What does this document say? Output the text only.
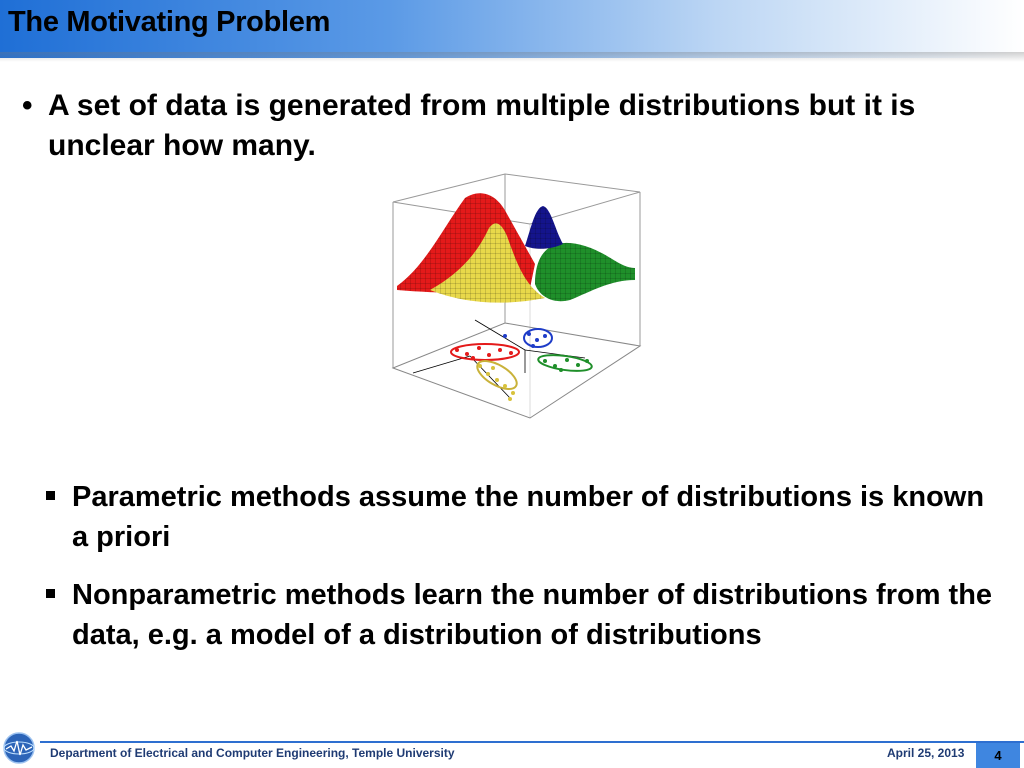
The Motivating Problem
• A set of data is generated from multiple distributions but it is unclear how many.
Parametric methods assume the number of distributions is known a priori
Nonparametric methods learn the number of distributions from the data, e.g. a model of a distribution of distributions
Department of Electrical and Computer Engineering, Temple University	April 25, 2013	4
